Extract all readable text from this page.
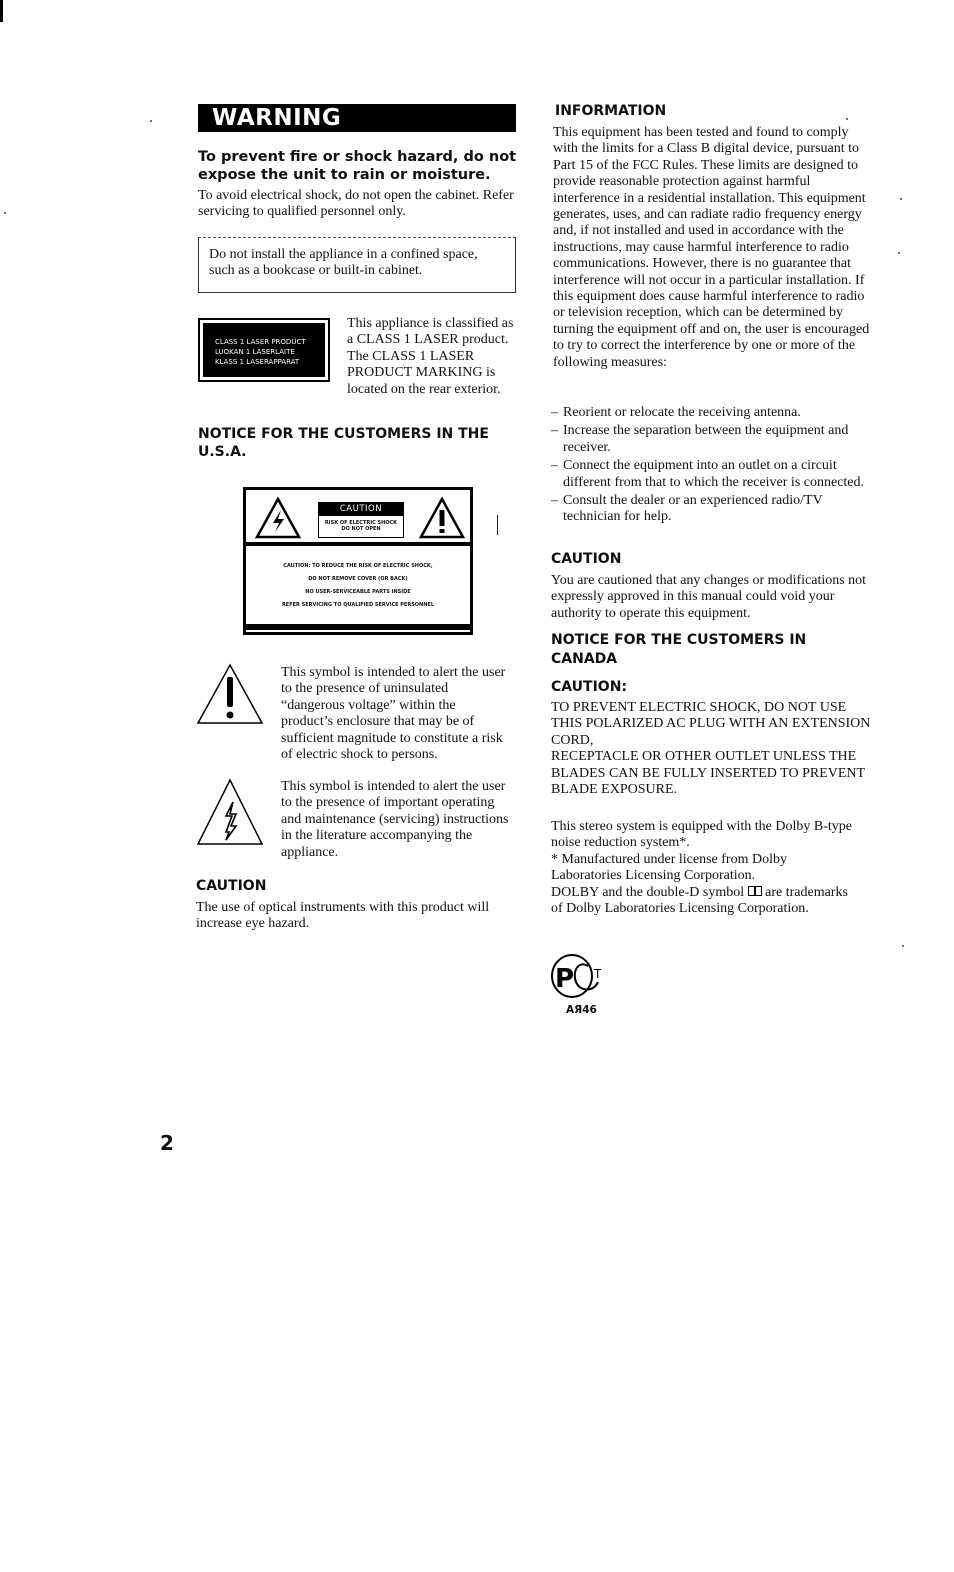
WARNING
To prevent fire or shock hazard, do not expose the unit to rain or moisture.
To avoid electrical shock, do not open the cabinet. Refer servicing to qualified personnel only.
Do not install the appliance in a confined space, such as a bookcase or built-in cabinet.
CLASS 1 LASER PRODUCT
LUOKAN 1 LASERLAITE
KLASS 1 LASERAPPARAT
This appliance is classified as a CLASS 1 LASER product. The CLASS 1 LASER PRODUCT MARKING is located on the rear exterior.
NOTICE FOR THE CUSTOMERS IN THE U.S.A.
CAUTION
RISK OF ELECTRIC SHOCK
DO NOT OPEN
CAUTION: TO REDUCE THE RISK OF ELECTRIC SHOCK,
DO NOT REMOVE COVER (OR BACK)
NO USER-SERVICEABLE PARTS INSIDE
REFER SERVICING TO QUALIFIED SERVICE PERSONNEL
This symbol is intended to alert the user to the presence of uninsulated “dangerous voltage” within the product’s enclosure that may be of sufficient magnitude to constitute a risk of electric shock to persons.
This symbol is intended to alert the user to the presence of important operating and maintenance (servicing) instructions in the literature accompanying the appliance.
CAUTION
The use of optical instruments with this product will increase eye hazard.
INFORMATION
This equipment has been tested and found to comply with the limits for a Class B digital device, pursuant to Part 15 of the FCC Rules. These limits are designed to provide reasonable protection against harmful interference in a residential installation. This equipment generates, uses, and can radiate radio frequency energy and, if not installed and used in accordance with the instructions, may cause harmful interference to radio communications. However, there is no guarantee that interference will not occur in a particular installation. If this equipment does cause harmful interference to radio or television reception, which can be determined by turning the equipment off and on, the user is encouraged to try to correct the interference by one or more of the following measures:
– Reorient or relocate the receiving antenna.
– Increase the separation between the equipment and receiver.
– Connect the equipment into an outlet on a circuit different from that to which the receiver is connected.
– Consult the dealer or an experienced radio/TV technician for help.
CAUTION
You are cautioned that any changes or modifications not expressly approved in this manual could void your authority to operate this equipment.
NOTICE FOR THE CUSTOMERS IN CANADA
CAUTION:
TO PREVENT ELECTRIC SHOCK, DO NOT USE THIS POLARIZED AC PLUG WITH AN EXTENSION CORD,
RECEPTACLE OR OTHER OUTLET UNLESS THE BLADES CAN BE FULLY INSERTED TO PREVENT BLADE EXPOSURE.
This stereo system is equipped with the Dolby B-type noise reduction system*.
* Manufactured under license from Dolby Laboratories Licensing Corporation.
DOLBY and the double-D symbol are trademarks of Dolby Laboratories Licensing Corporation.
P T
AЯ46
2
